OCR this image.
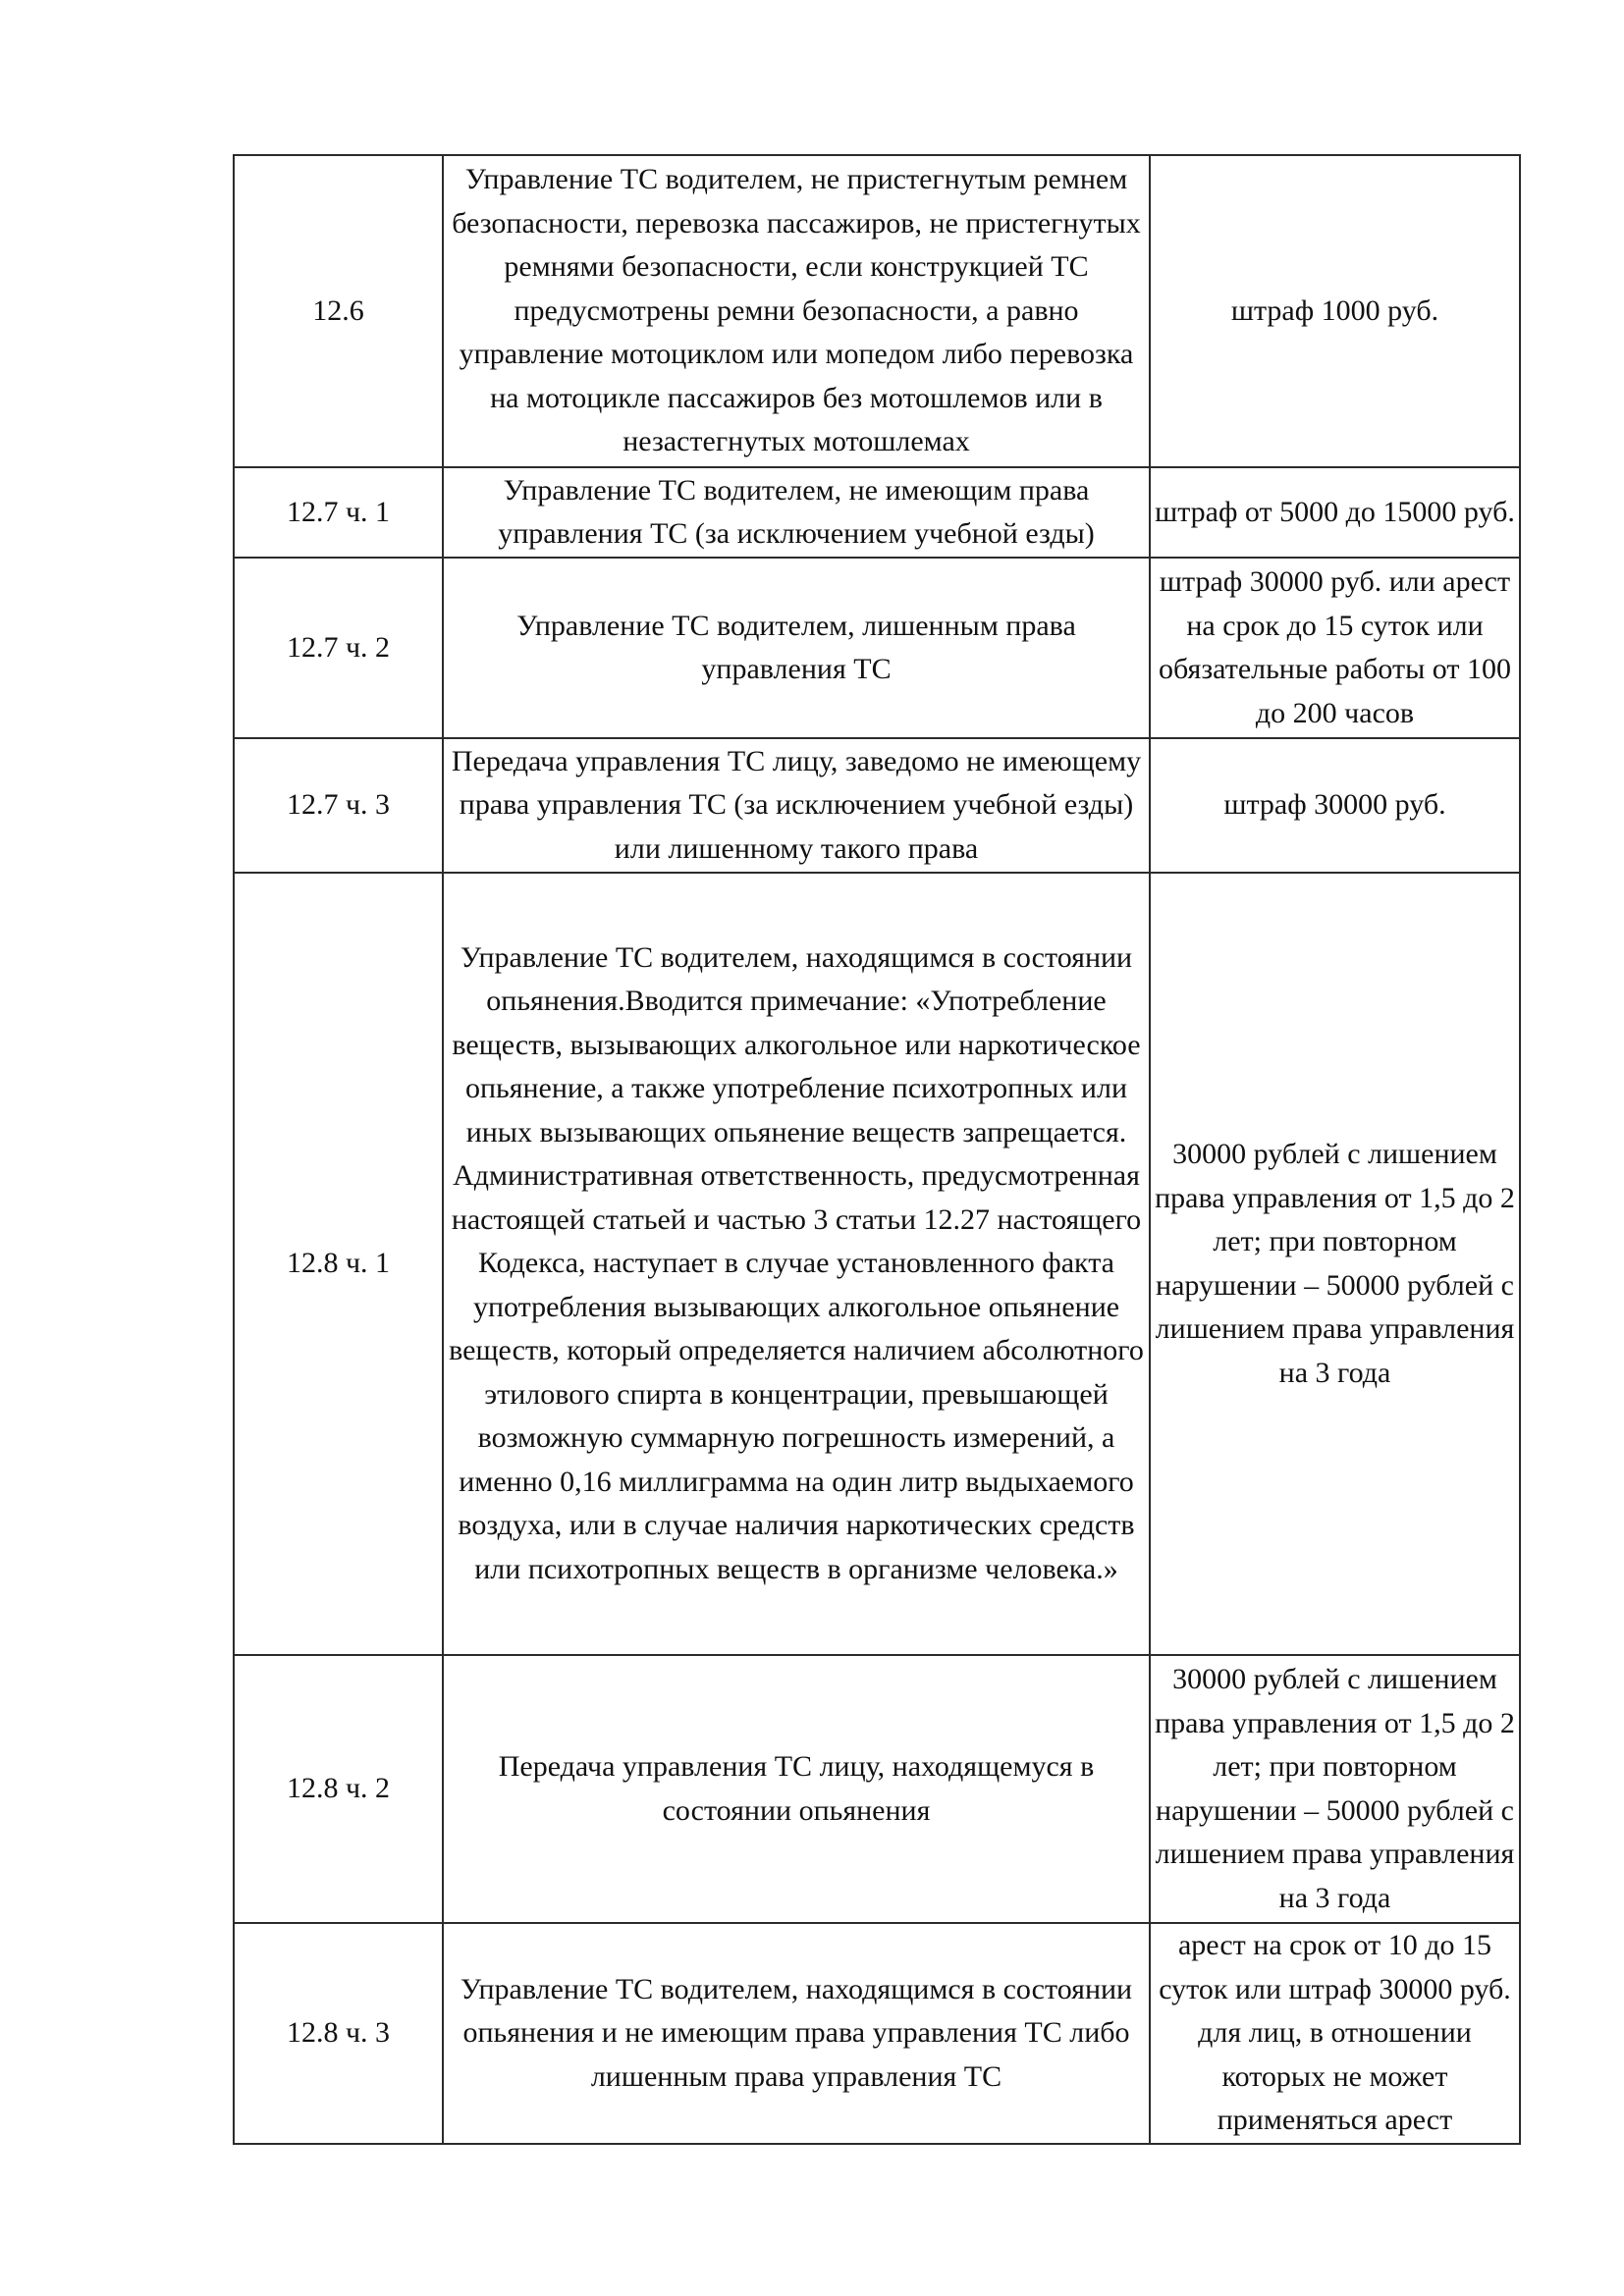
12.6	Управление ТС водителем, не пристегнутым ремнем безопасности, перевозка пассажиров, не пристегнутых ремнями безопасности, если конструкцией ТС предусмотрены ремни безопасности, а равно управление мотоциклом или мопедом либо перевозка на мотоцикле пассажиров без мотошлемов или в незастегнутых мотошлемах	штраф 1000 руб.
12.7 ч. 1	Управление ТС водителем, не имеющим права управления ТС (за исключением учебной езды)	штраф от 5000 до 15000 руб.
12.7 ч. 2	Управление ТС водителем, лишенным права управления ТС	штраф 30000 руб. или арест на срок до 15 суток или обязательные работы от 100 до 200 часов
12.7 ч. 3	Передача управления ТС лицу, заведомо не имеющему права управления ТС (за исключением учебной езды) или лишенному такого права	штраф 30000 руб.
12.8 ч. 1	Управление ТС водителем, находящимся в состоянии опьянения.Вводится примечание: «Употребление веществ, вызывающих алкогольное или наркотическое опьянение, а также употребление психотропных или иных вызывающих опьянение веществ запрещается. Административная ответственность, предусмотренная настоящей статьей и частью 3 статьи 12.27 настоящего Кодекса, наступает в случае установленного факта употребления вызывающих алкогольное опьянение веществ, который определяется наличием абсолютного этилового спирта в концентрации, превышающей возможную суммарную погрешность измерений, а именно 0,16 миллиграмма на один литр выдыхаемого воздуха, или в случае наличия наркотических средств или психотропных веществ в организме человека.»	30000 рублей с лишением права управления от 1,5 до 2 лет; при повторном нарушении – 50000 рублей с лишением права управления на 3 года
12.8 ч. 2	Передача управления ТС лицу, находящемуся в состоянии опьянения	30000 рублей с лишением права управления от 1,5 до 2 лет; при повторном нарушении – 50000 рублей с лишением права управления на 3 года
12.8 ч. 3	Управление ТС водителем, находящимся в состоянии опьянения и не имеющим права управления ТС либо лишенным права управления ТС	арест на срок от 10 до 15 суток или штраф 30000 руб. для лиц, в отношении которых не может применяться арест
